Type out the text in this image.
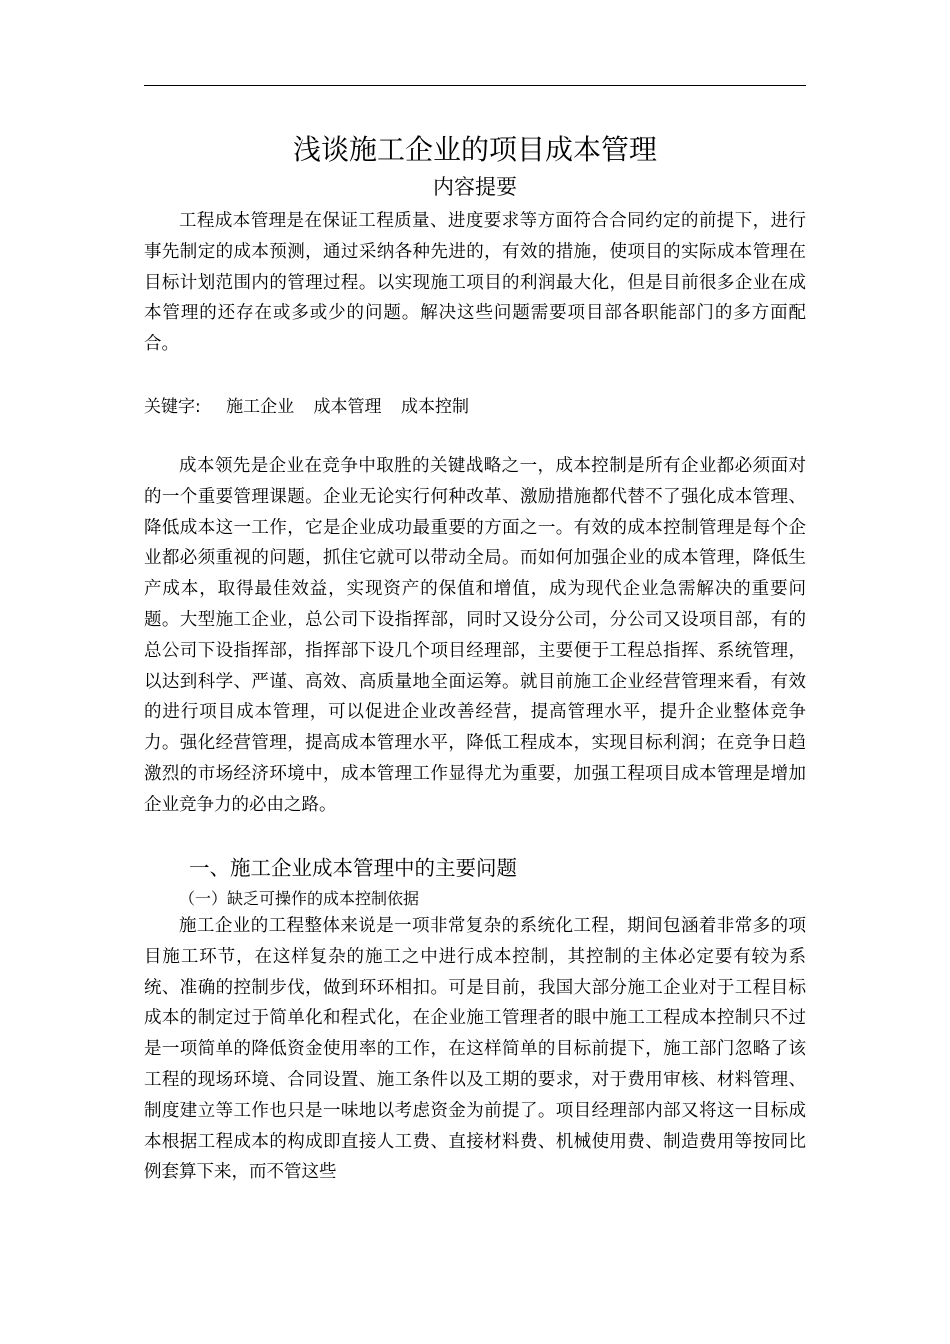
浅谈施工企业的项目成本管理
内容提要

工程成本管理是在保证工程质量、进度要求等方面符合合同约定的前提下，进行事先制定的成本预测，通过采纳各种先进的，有效的措施，使项目的实际成本管理在目标计划范围内的管理过程。以实现施工项目的利润最大化，但是目前很多企业在成本管理的还存在或多或少的问题。解决这些问题需要项目部各职能部门的多方面配合。

关键字: 施工企业 成本管理 成本控制

成本领先是企业在竞争中取胜的关键战略之一，成本控制是所有企业都必须面对的一个重要管理课题。企业无论实行何种改革、激励措施都代替不了强化成本管理、降低成本这一工作，它是企业成功最重要的方面之一。有效的成本控制管理是每个企业都必须重视的问题，抓住它就可以带动全局。而如何加强企业的成本管理，降低生产成本，取得最佳效益，实现资产的保值和增值，成为现代企业急需解决的重要问题。大型施工企业，总公司下设指挥部，同时又设分公司，分公司又设项目部，有的总公司下设指挥部，指挥部下设几个项目经理部，主要便于工程总指挥、系统管理，以达到科学、严谨、高效、高质量地全面运筹。就目前施工企业经营管理来看，有效的进行项目成本管理，可以促进企业改善经营，提高管理水平，提升企业整体竞争力。强化经营管理，提高成本管理水平，降低工程成本，实现目标利润；在竞争日趋激烈的市场经济环境中，成本管理工作显得尤为重要，加强工程项目成本管理是增加企业竞争力的必由之路。

一、施工企业成本管理中的主要问题
（一）缺乏可操作的成本控制依据

施工企业的工程整体来说是一项非常复杂的系统化工程，期间包涵着非常多的项目施工环节，在这样复杂的施工之中进行成本控制，其控制的主体必定要有较为系统、准确的控制步伐，做到环环相扣。可是目前，我国大部分施工企业对于工程目标成本的制定过于简单化和程式化，在企业施工管理者的眼中施工工程成本控制只不过是一项简单的降低资金使用率的工作，在这样简单的目标前提下，施工部门忽略了该工程的现场环境、合同设置、施工条件以及工期的要求，对于费用审核、材料管理、制度建立等工作也只是一味地以考虑资金为前提了。项目经理部内部又将这一目标成本根据工程成本的构成即直接人工费、直接材料费、机械使用费、制造费用等按同比例套算下来，而不管这些
